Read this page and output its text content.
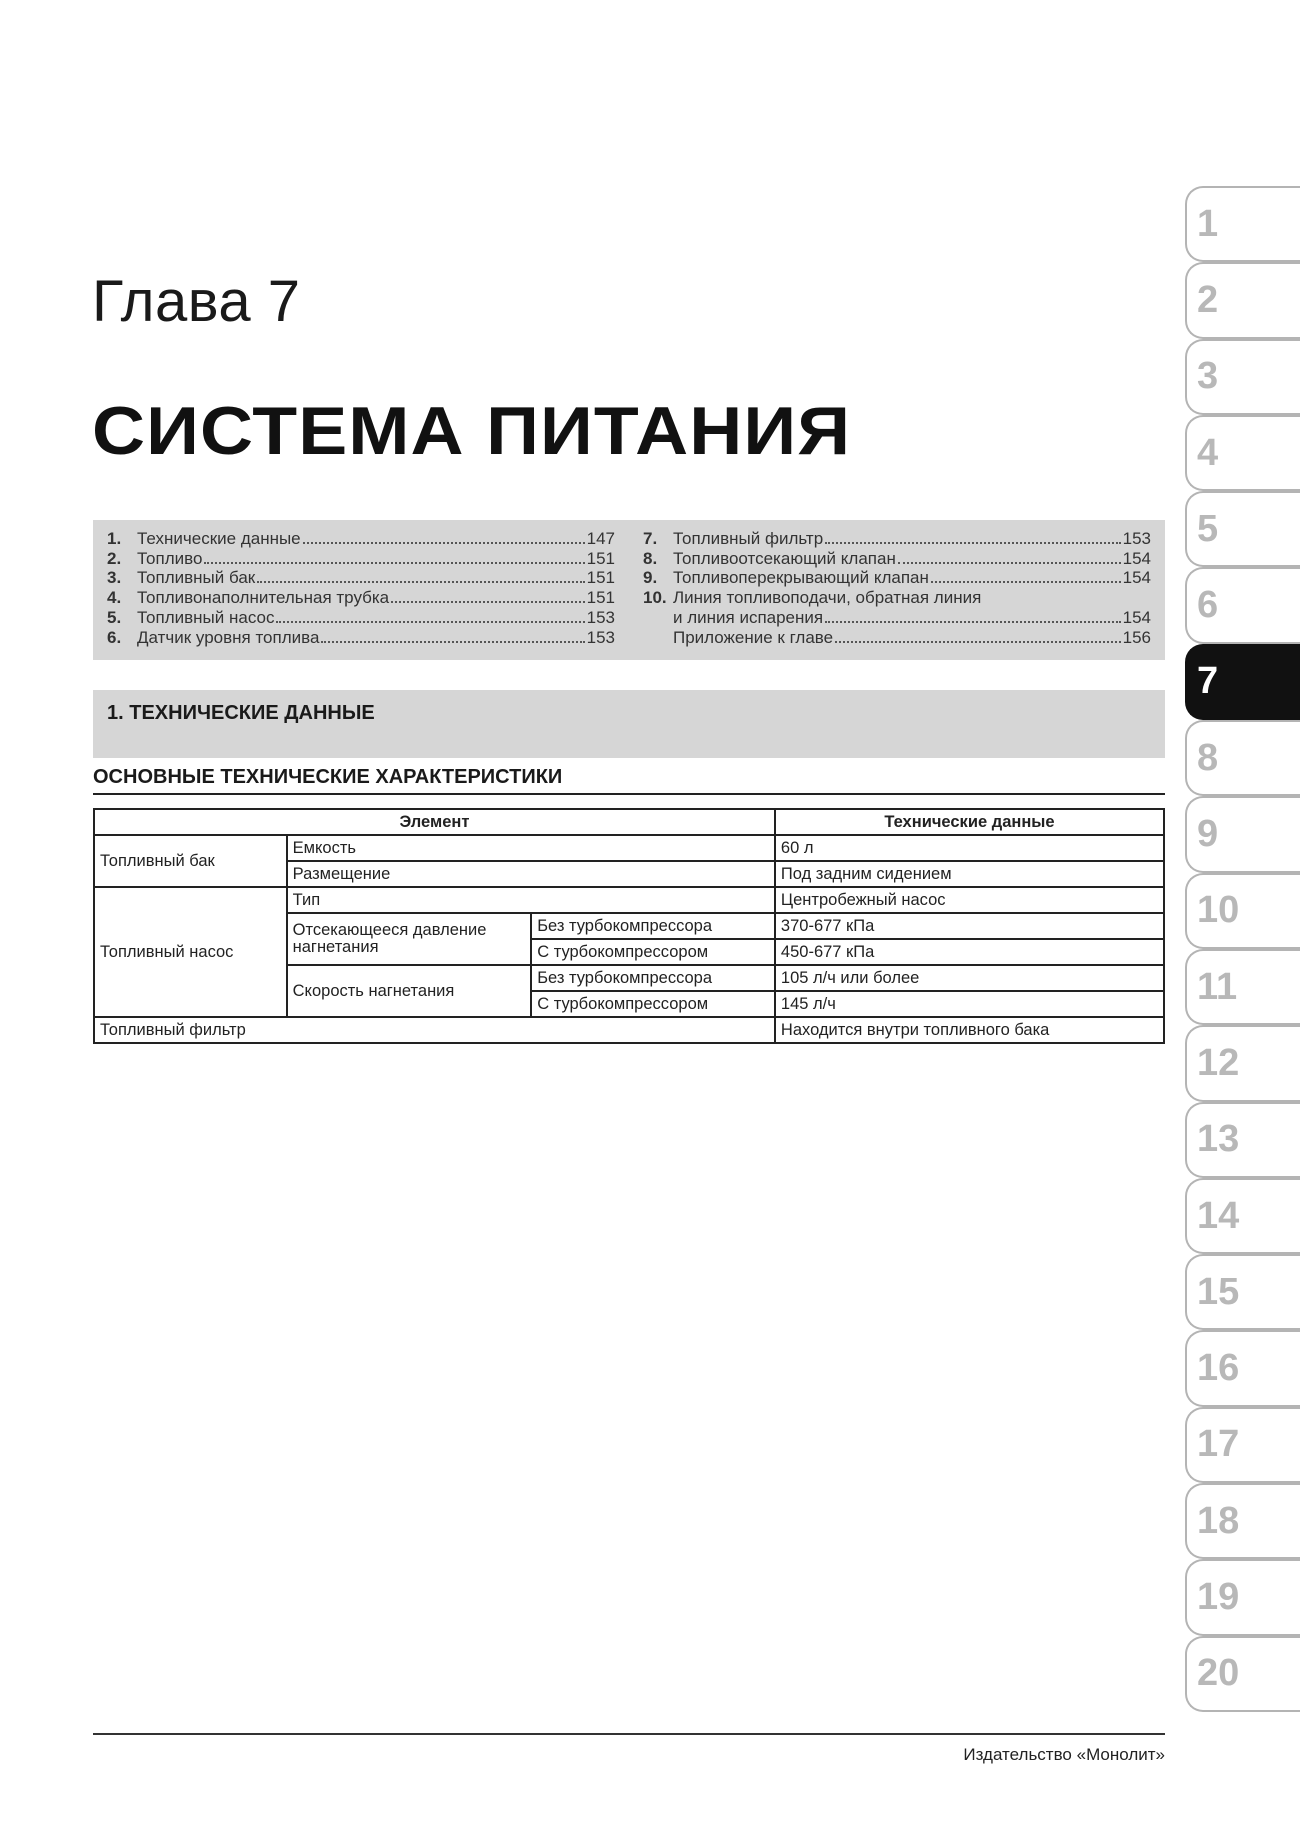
Глава 7
СИСТЕМА ПИТАНИЯ
1. Технические данные	147
2. Топливо	151
3. Топливный бак	151
4. Топливонаполнительная трубка	151
5. Топливный насос	153
6. Датчик уровня топлива	153
7. Топливный фильтр	153
8. Топливоотсекающий клапан	154
9. Топливоперекрывающий клапан	154
10. Линия топливоподачи, обратная линия
и линия испарения	154
Приложение к главе	156
1. ТЕХНИЧЕСКИЕ ДАННЫЕ
ОСНОВНЫЕ ТЕХНИЧЕСКИЕ ХАРАКТЕРИСТИКИ
Элемент			Технические данные
Топливный бак	Емкость		60 л
	Размещение		Под задним сидением
Топливный насос	Тип		Центробежный насос
	Отсекающееся давление нагнетания	Без турбокомпрессора	370-677 кПа
		С турбокомпрессором	450-677 кПа
	Скорость нагнетания	Без турбокомпрессора	105 л/ч или более
		С турбокомпрессором	145 л/ч
Топливный фильтр			Находится внутри топливного бака
1
2
3
4
5
6
7
8
9
10
11
12
13
14
15
16
17
18
19
20
Издательство «Монолит»
